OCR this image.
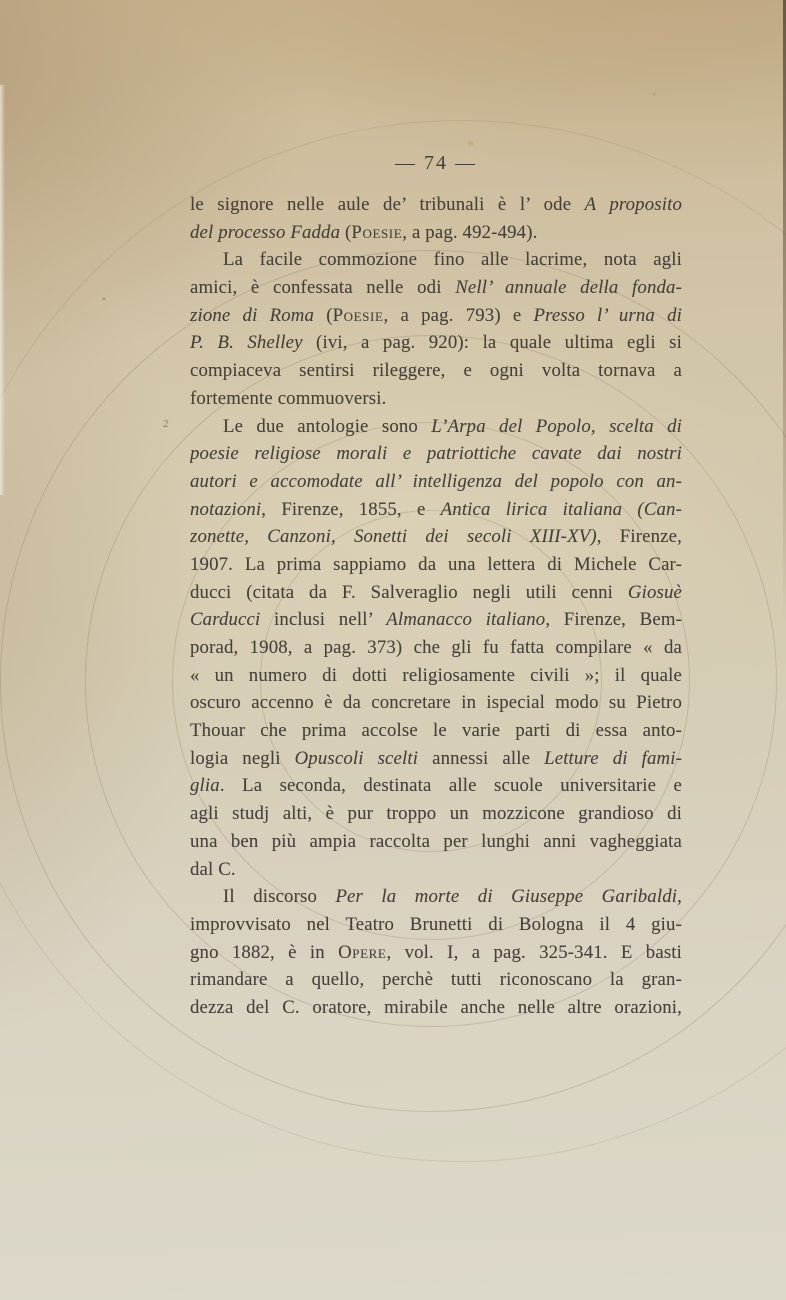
— 74 —
2
le signore nelle aule de’ tribunali è l’ ode A proposito
del processo Fadda (Poesie, a pag. 492-494).
La facile commozione fino alle lacrime, nota agli
amici, è confessata nelle odi Nell’ annuale della fonda-
zione di Roma (Poesie, a pag. 793) e Presso l’ urna di
P. B. Shelley (ivi, a pag. 920): la quale ultima egli si
compiaceva sentirsi rileggere, e ogni volta tornava a
fortemente commuoversi.
Le due antologie sono L’Arpa del Popolo, scelta di
poesie religiose morali e patriottiche cavate dai nostri
autori e accomodate all’ intelligenza del popolo con an-
notazioni, Firenze, 1855, e Antica lirica italiana (Can-
zonette, Canzoni, Sonetti dei secoli XIII-XV), Firenze,
1907. La prima sappiamo da una lettera di Michele Car-
ducci (citata da F. Salveraglio negli utili cenni Giosuè
Carducci inclusi nell’ Almanacco italiano, Firenze, Bem-
porad, 1908, a pag. 373) che gli fu fatta compilare « da
« un numero di dotti religiosamente civili »; il quale
oscuro accenno è da concretare in ispecial modo su Pietro
Thouar che prima accolse le varie parti di essa anto-
logia negli Opuscoli scelti annessi alle Letture di fami-
glia. La seconda, destinata alle scuole universitarie e
agli studj alti, è pur troppo un mozzicone grandioso di
una ben più ampia raccolta per lunghi anni vagheggiata
dal C.
Il discorso Per la morte di Giuseppe Garibaldi,
improvvisato nel Teatro Brunetti di Bologna il 4 giu-
gno 1882, è in Opere, vol. I, a pag. 325-341. E basti
rimandare a quello, perchè tutti riconoscano la gran-
dezza del C. oratore, mirabile anche nelle altre orazioni,
